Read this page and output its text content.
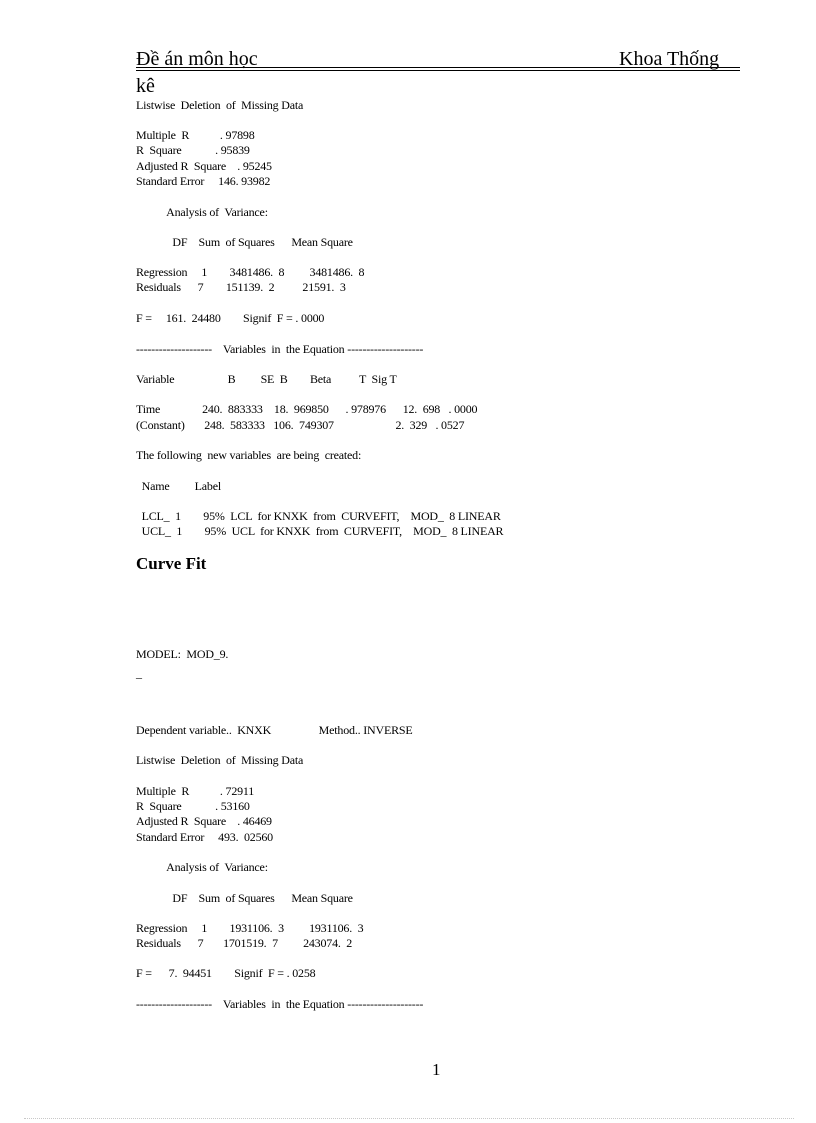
Đề án môn học	Khoa Thống
kê
Listwise  Deletion  of  Missing Data
Multiple  R           . 97898
R  Square            . 95839
Adjusted R  Square    . 95245
Standard Error     146. 93982
Analysis of  Variance:
DF    Sum  of Squares      Mean Square
Regression     1        3481486.  8         3481486.  8
Residuals      7        151139.  2          21591.  3
F =     161.  24480        Signif  F = . 0000
--------------------    Variables  in  the Equation --------------------
Variable                   B         SE  B        Beta          T  Sig T
Time               240.  883333    18.  969850      . 978976      12.  698   . 0000
(Constant)       248.  583333   106.  749307                      2.  329   . 0527
The following  new variables  are being  created:
Name         Label
LCL_  1        95%  LCL  for KNXK  from  CURVEFIT,    MOD_  8 LINEAR
UCL_  1        95%  UCL  for KNXK  from  CURVEFIT,    MOD_  8 LINEAR
Curve Fit
MODEL:  MOD_9.
_
Dependent variable..  KNXK                 Method.. INVERSE
Listwise  Deletion  of  Missing Data
Multiple  R           . 72911
R  Square            . 53160
Adjusted R  Square    . 46469
Standard Error     493.  02560
Analysis of  Variance:
DF    Sum  of Squares      Mean Square
Regression     1        1931106.  3         1931106.  3
Residuals      7       1701519.  7         243074.  2
F =      7.  94451        Signif  F = . 0258
--------------------    Variables  in  the Equation --------------------
1
